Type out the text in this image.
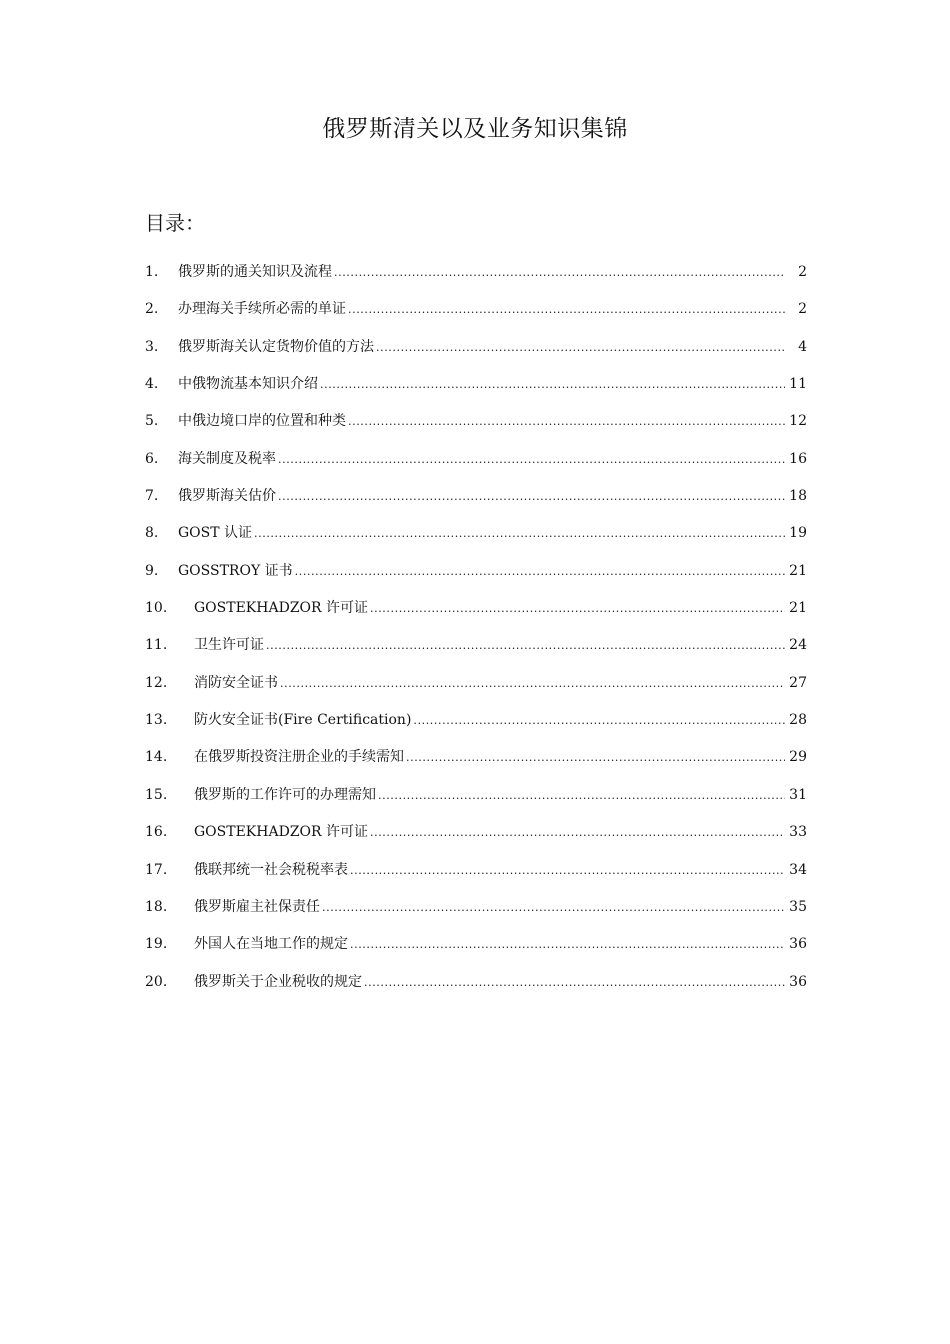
俄罗斯清关以及业务知识集锦
目录：
1.	俄罗斯的通关知识及流程 .....	2
2.	办理海关手续所必需的单证 .....	2
3.	俄罗斯海关认定货物价值的方法 .....	4
4.	中俄物流基本知识介绍 .....	11
5.	中俄边境口岸的位置和种类 .....	12
6.	海关制度及税率 .....	16
7.	俄罗斯海关估价 .....	18
8.	GOST 认证 .....	19
9.	GOSSTROY 证书 .....	21
10.	GOSTEKHADZOR 许可证 .....	21
11.	卫生许可证 .....	24
12.	消防安全证书 .....	27
13.	防火安全证书(Fire Certification) .....	28
14.	在俄罗斯投资注册企业的手续需知 .....	29
15.	俄罗斯的工作许可的办理需知 .....	31
16.	GOSTEKHADZOR 许可证 .....	33
17.	俄联邦统一社会税税率表 .....	34
18.	俄罗斯雇主社保责任 .....	35
19.	外国人在当地工作的规定 .....	36
20.	俄罗斯关于企业税收的规定 .....	36
